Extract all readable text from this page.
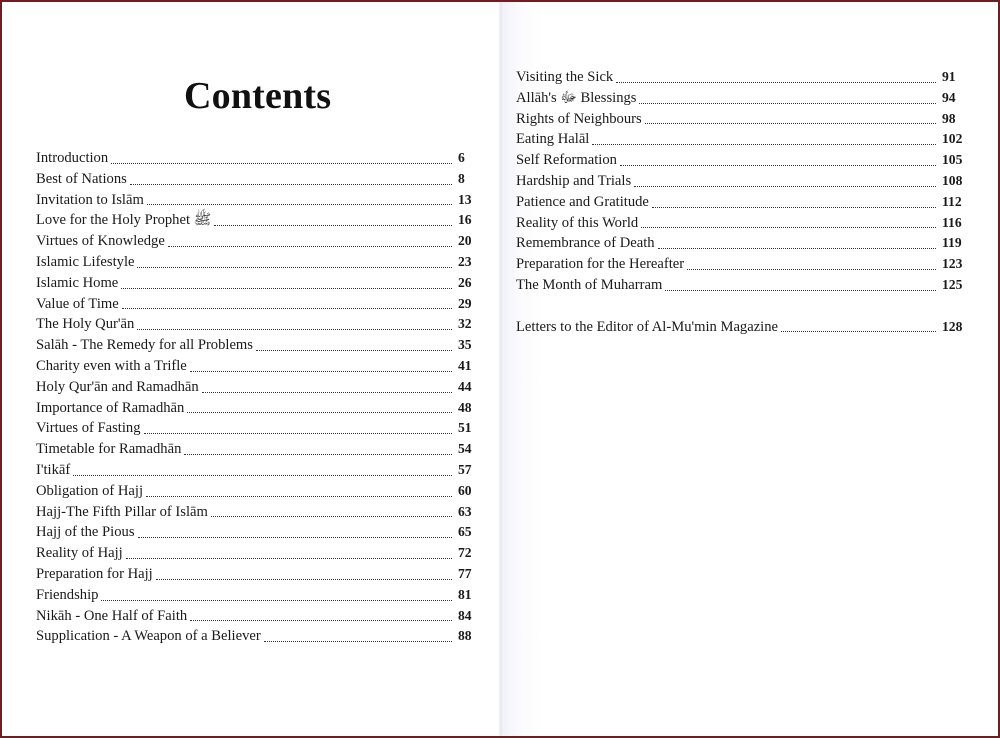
Contents
Introduction	6
Best of Nations	8
Invitation to Islām	13
Love for the Holy Prophet ﷺ	16
Virtues of Knowledge	20
Islamic Lifestyle	23
Islamic Home	26
Value of Time	29
The Holy Qur'ān	32
Salāh - The Remedy for all Problems	35
Charity even with a Trifle	41
Holy Qur'ān and Ramadhān	44
Importance of Ramadhān	48
Virtues of Fasting	51
Timetable for Ramadhān	54
I'tikāf	57
Obligation of Hajj	60
Hajj-The Fifth Pillar of Islām	63
Hajj of the Pious	65
Reality of Hajj	72
Preparation for Hajj	77
Friendship	81
Nikāh - One Half of Faith	84
Supplication - A Weapon of a Believer	88
Visiting the Sick	91
Allāh's ﷻ Blessings	94
Rights of Neighbours	98
Eating Halāl	102
Self Reformation	105
Hardship and Trials	108
Patience and Gratitude	112
Reality of this World	116
Remembrance of Death	119
Preparation for the Hereafter	123
The Month of Muharram	125
Letters to the Editor of Al-Mu'min Magazine	128
